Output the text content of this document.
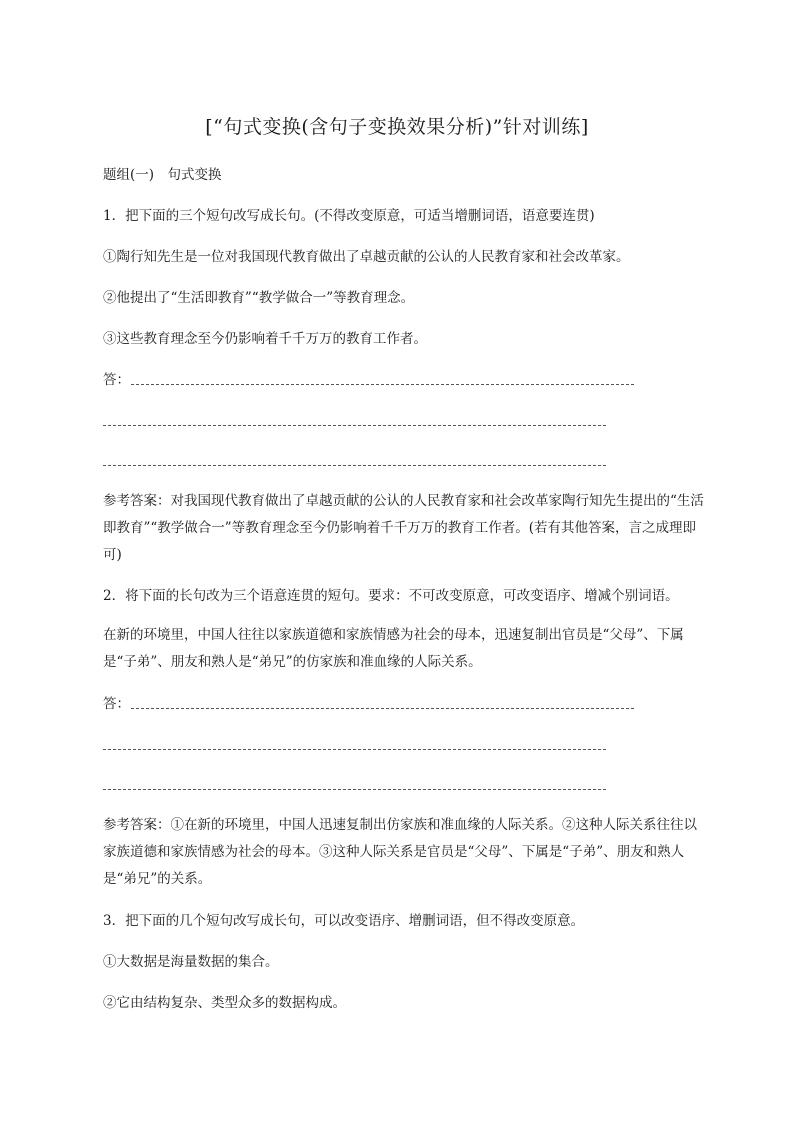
[“句式变换(含句子变换效果分析)”针对训练]
题组(一)　句式变换
1．把下面的三个短句改写成长句。(不得改变原意，可适当增删词语，语意要连贯)
①陶行知先生是一位对我国现代教育做出了卓越贡献的公认的人民教育家和社会改革家。
②他提出了“生活即教育”“教学做合一”等教育理念。
③这些教育理念至今仍影响着千千万万的教育工作者。
答：
参考答案：对我国现代教育做出了卓越贡献的公认的人民教育家和社会改革家陶行知先生提出的“生活即教育”“教学做合一”等教育理念至今仍影响着千千万万的教育工作者。(若有其他答案，言之成理即可)
2．将下面的长句改为三个语意连贯的短句。要求：不可改变原意，可改变语序、增减个别词语。
在新的环境里，中国人往往以家族道德和家族情感为社会的母本，迅速复制出官员是“父母”、下属是“子弟”、朋友和熟人是“弟兄”的仿家族和准血缘的人际关系。
答：
参考答案：①在新的环境里，中国人迅速复制出仿家族和准血缘的人际关系。②这种人际关系往往以家族道德和家族情感为社会的母本。③这种人际关系是官员是“父母”、下属是“子弟”、朋友和熟人是“弟兄”的关系。
3．把下面的几个短句改写成长句，可以改变语序、增删词语，但不得改变原意。
①大数据是海量数据的集合。
②它由结构复杂、类型众多的数据构成。
